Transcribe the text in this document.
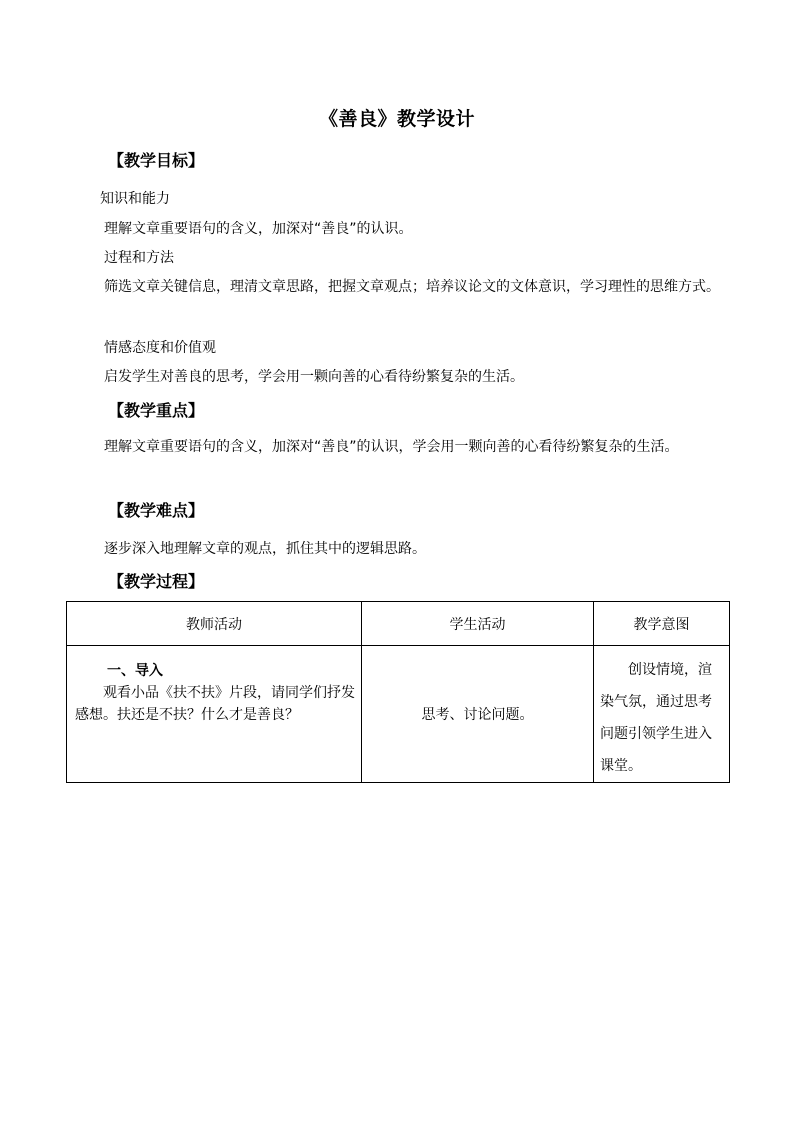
《善良》教学设计
【教学目标】
知识和能力
理解文章重要语句的含义，加深对“善良”的认识。
过程和方法
筛选文章关键信息，理清文章思路，把握文章观点；培养议论文的文体意识，学习理性的思维方式。
情感态度和价值观
启发学生对善良的思考，学会用一颗向善的心看待纷繁复杂的生活。
【教学重点】
理解文章重要语句的含义，加深对“善良”的认识，学会用一颗向善的心看待纷繁复杂的生活。
【教学难点】
逐步深入地理解文章的观点，抓住其中的逻辑思路。
【教学过程】
教师活动	学生活动	教学意图

一、导入
观看小品《扶不扶》片段，请同学们抒发感想。扶还是不扶？什么才是善良？	思考、讨论问题。	创设情境，渲染气氛，通过思考问题引领学生进入课堂。
